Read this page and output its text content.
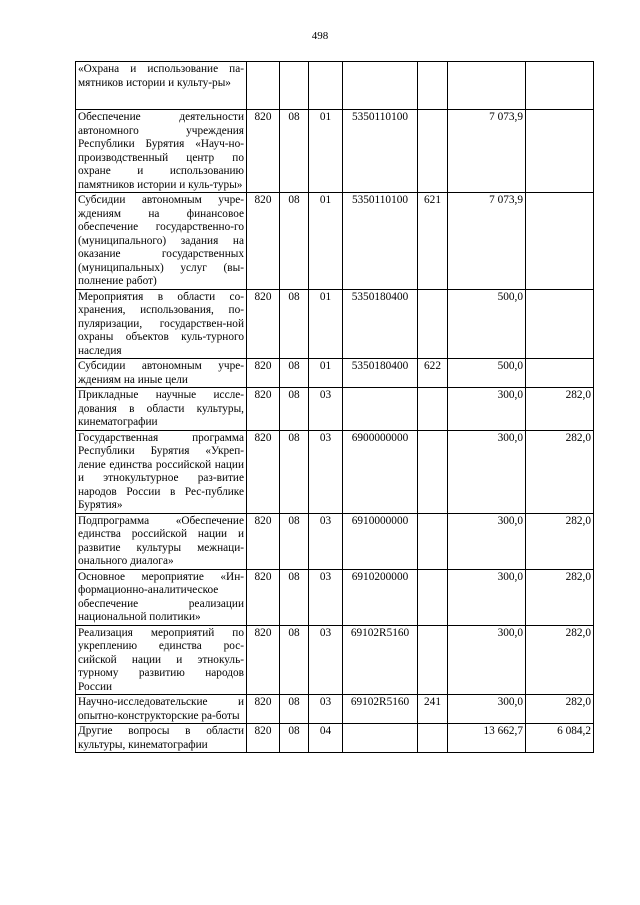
498
«Охрана и использование па-мятников истории и культу-ры»							
Обеспечение деятельности автономного учреждения Республики Бурятия «Науч-но-производственный центр по охране и использованию памятников истории и куль-туры»	820	08	01	5350110100		7 073,9	
Субсидии автономным учре-ждениям на финансовое обеспечение государственно-го (муниципального) задания на оказание государственных (муниципальных) услуг (вы-полнение работ)	820	08	01	5350110100	621	7 073,9	
Мероприятия в области со-хранения, использования, по-пуляризации, государствен-ной охраны объектов куль-турного наследия	820	08	01	5350180400		500,0	
Субсидии автономным учре-ждениям на иные цели	820	08	01	5350180400	622	500,0	
Прикладные научные иссле-дования в области культуры, кинематографии	820	08	03			300,0	282,0
Государственная программа Республики Бурятия «Укреп-ление единства российской нации и этнокультурное раз-витие народов России в Рес-публике Бурятия»	820	08	03	6900000000		300,0	282,0
Подпрограмма «Обеспечение единства российской нации и развитие культуры межнаци-онального диалога»	820	08	03	6910000000		300,0	282,0
Основное мероприятие «Ин-формационно-аналитическое обеспечение реализации национальной политики»	820	08	03	6910200000		300,0	282,0
Реализация мероприятий по укреплению единства рос-сийской нации и этнокуль-турному развитию народов России	820	08	03	69102R5160		300,0	282,0
Научно-исследовательские и опытно-конструкторские ра-боты	820	08	03	69102R5160	241	300,0	282,0
Другие вопросы в области культуры, кинематографии	820	08	04			13 662,7	6 084,2
